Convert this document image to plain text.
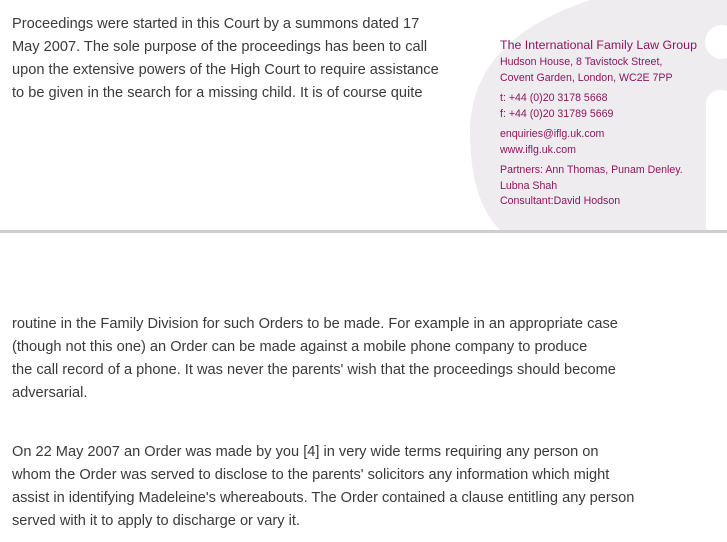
Proceedings were started in this Court by a summons dated 17
May 2007. The sole purpose of the proceedings has been to call
upon the extensive powers of the High Court to require assistance
to be given in the search for a missing child. It is of course quite
The International Family Law Group
Hudson House, 8 Tavistock Street,
Covent Garden, London, WC2E 7PP
t: +44 (0)20 3178 5668
f: +44 (0)20 31789 5669
enquiries@iflg.uk.com
www.iflg.uk.com
Partners: Ann Thomas, Punam Denley.
Lubna Shah
Consultant:David Hodson
routine in the Family Division for such Orders to be made. For example in an appropriate case
(though not this one) an Order can be made against a mobile phone company to produce
the call record of a phone. It was never the parents' wish that the proceedings should become
adversarial.
On 22 May 2007 an Order was made by you [4] in very wide terms requiring any person on
whom the Order was served to disclose to the parents' solicitors any information which might
assist in identifying Madeleine's whereabouts. The Order contained a clause entitling any person
served with it to apply to discharge or vary it.
